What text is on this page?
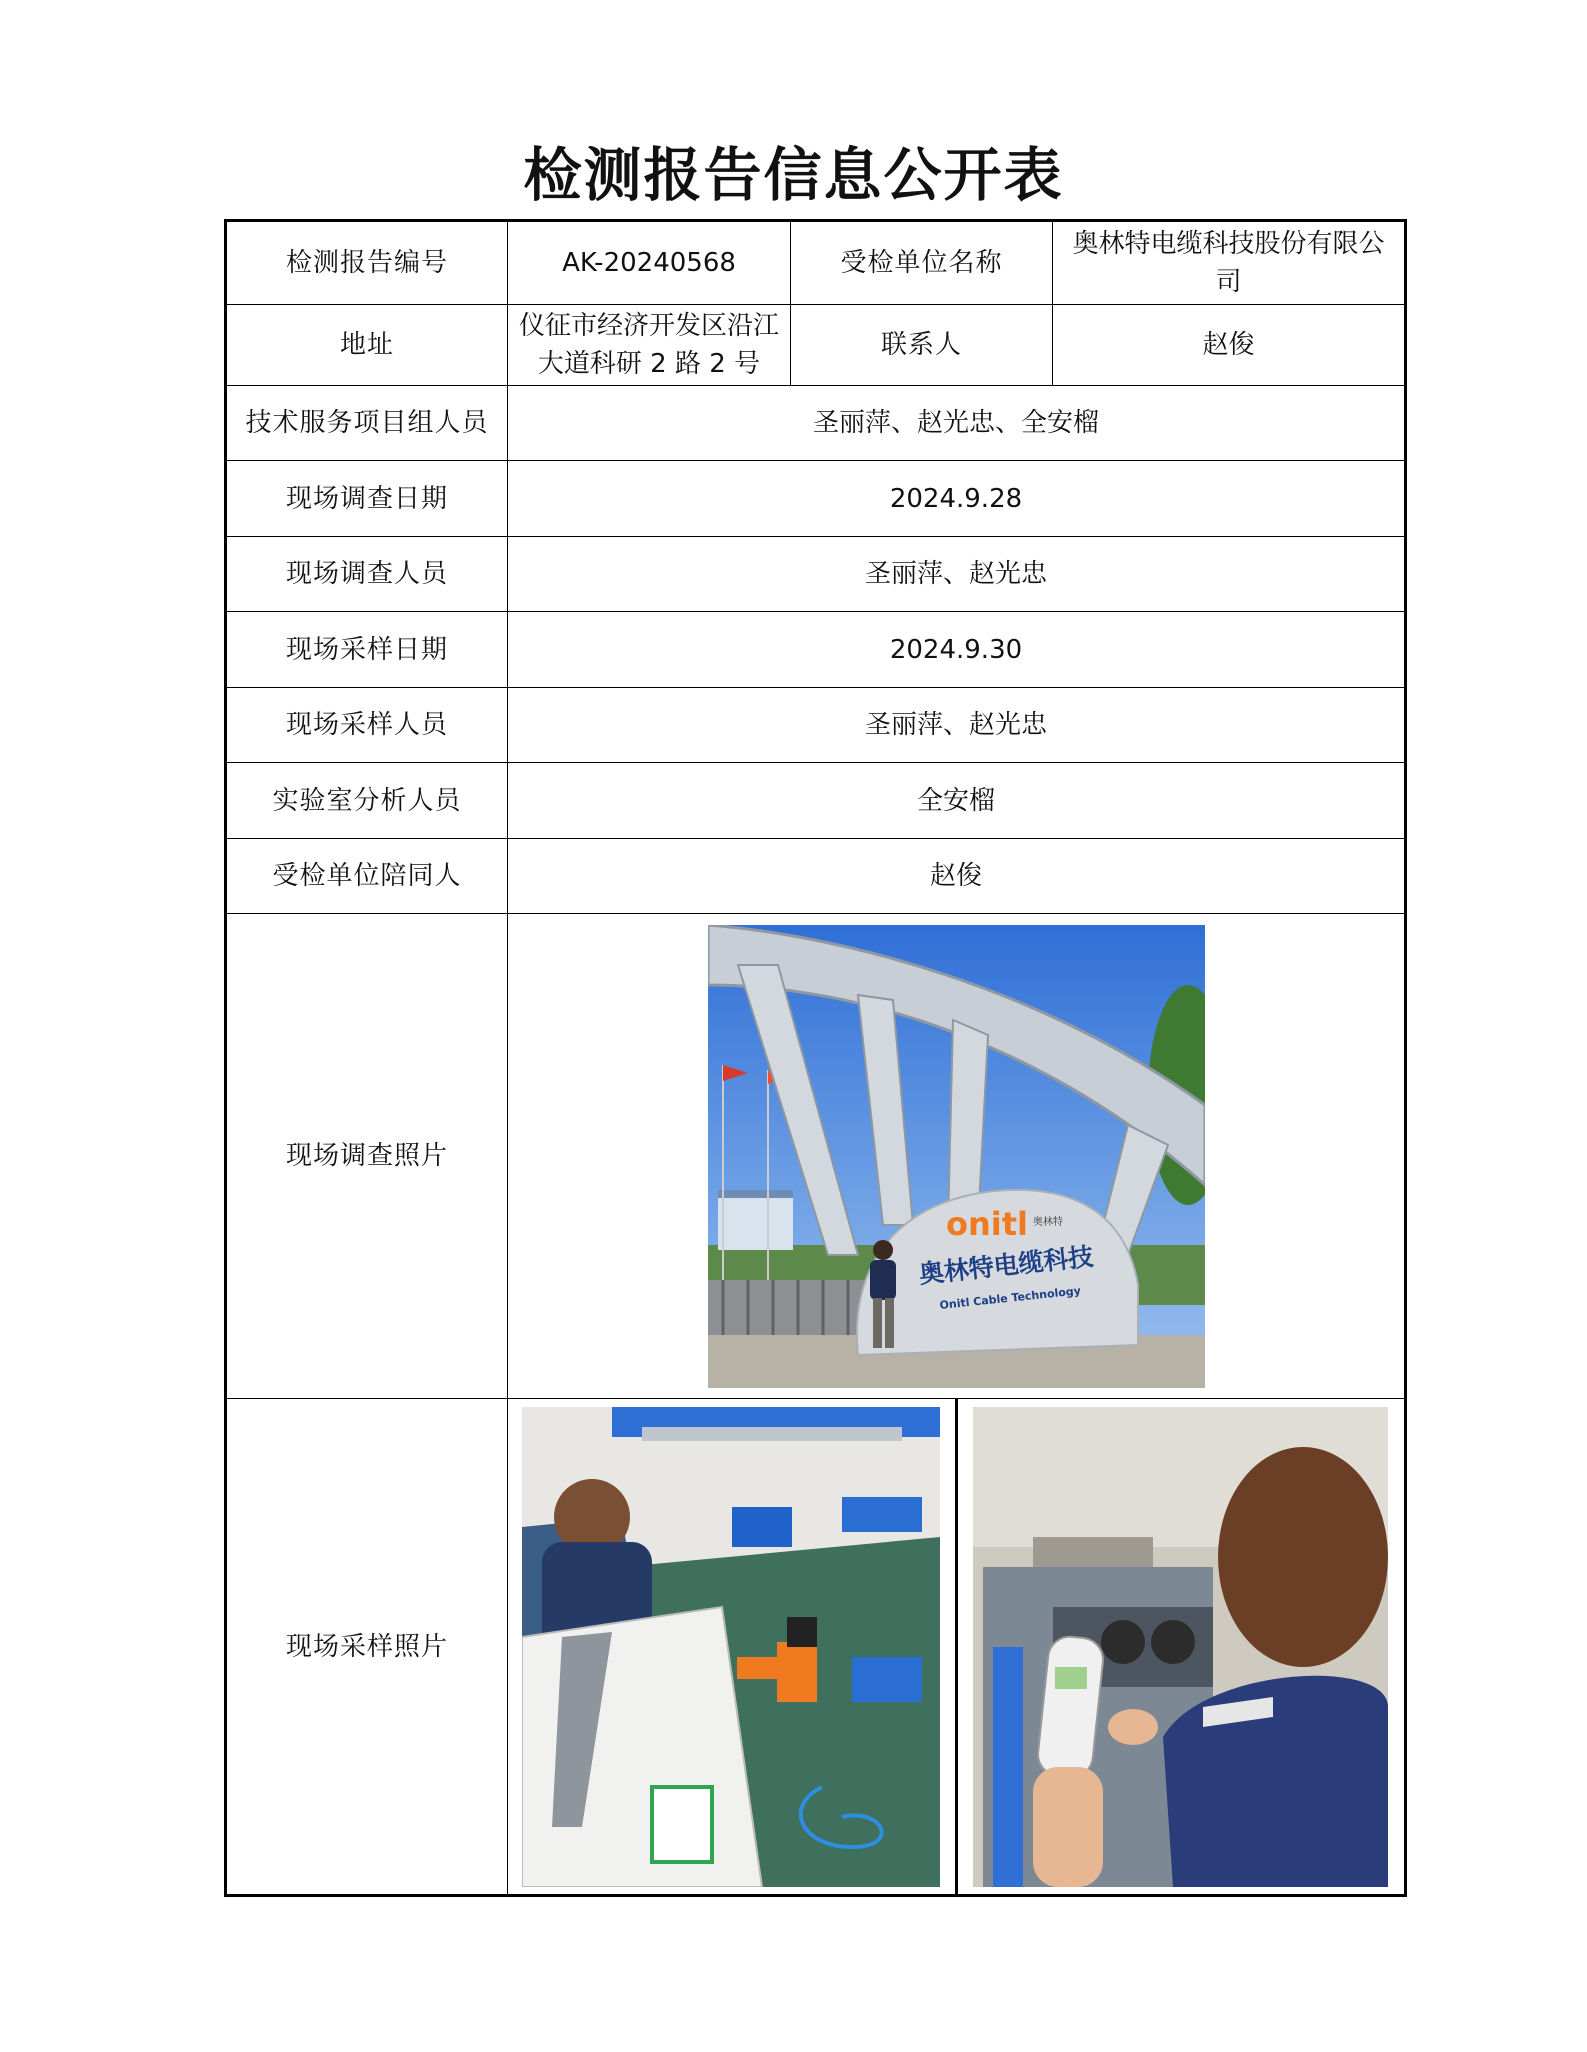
检测报告信息公开表
检测报告编号	AK-20240568	受检单位名称	奥林特电缆科技股份有限公司
地址	仪征市经济开发区沿江大道科研 2 路 2 号	联系人	赵俊
技术服务项目组人员	圣丽萍、赵光忠、全安榴		
现场调查日期	2024.9.28		
现场调查人员	圣丽萍、赵光忠		
现场采样日期	2024.9.30		
现场采样人员	圣丽萍、赵光忠		
实验室分析人员	全安榴		
受检单位陪同人	赵俊		
现场调查照片	onitl 奥林特
奥林特电缆科技
Onitl Cable Technology		

现场采样照片	
